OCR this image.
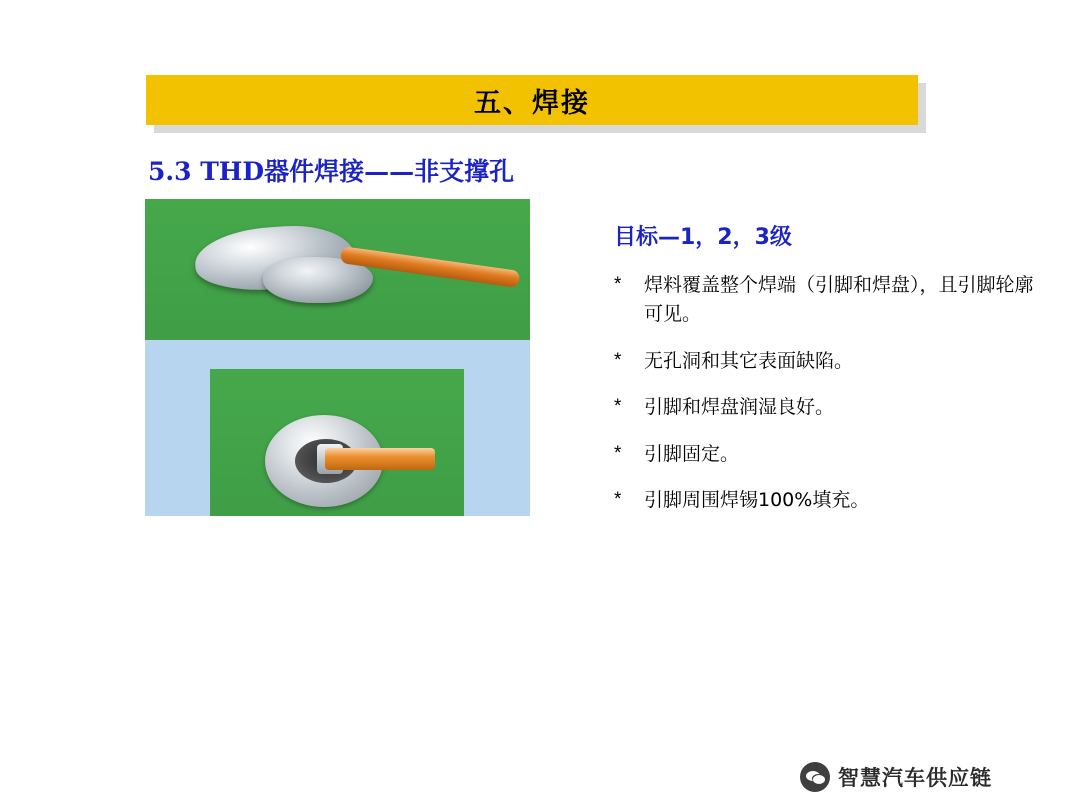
五、焊接
5.3 THD器件焊接——非支撑孔
目标—1，2，3级
*	焊料覆盖整个焊端（引脚和焊盘），且引脚轮廓可见。
*	无孔洞和其它表面缺陷。
*	引脚和焊盘润湿良好。
*	引脚固定。
*	引脚周围焊锡100%填充。
智慧汽车供应链
